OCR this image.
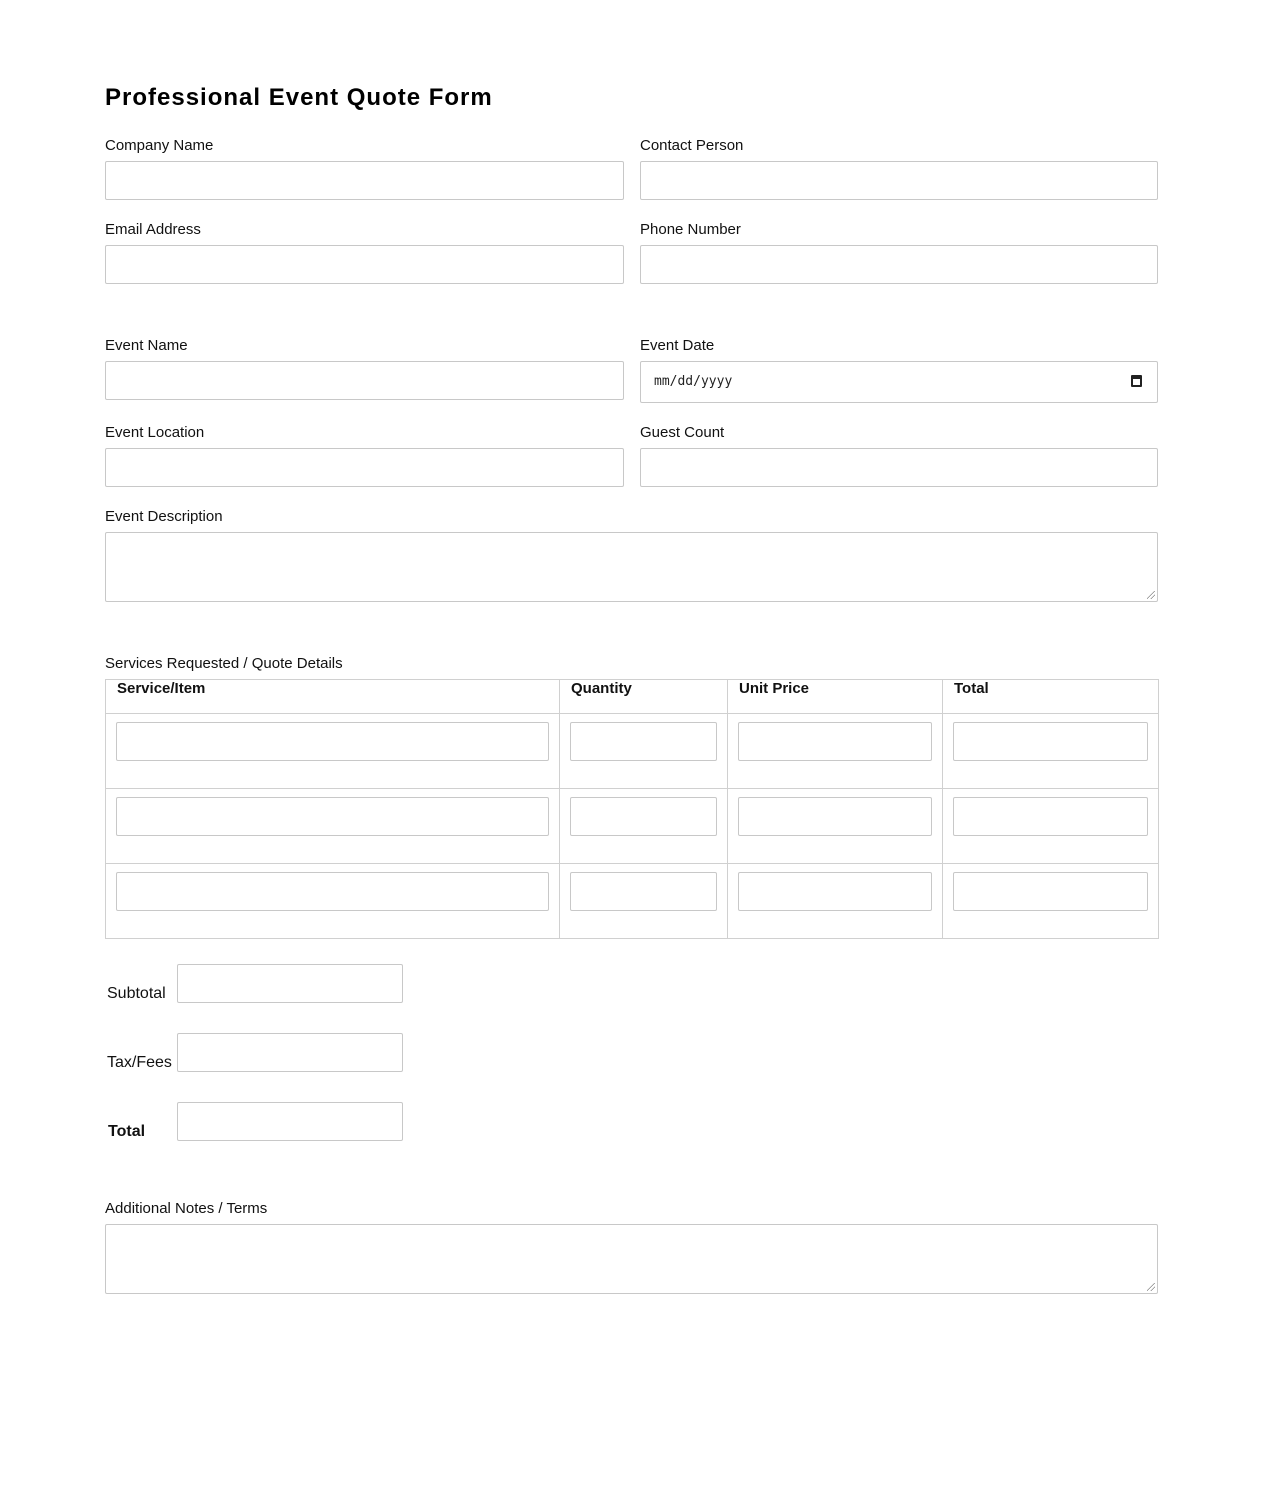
Professional Event Quote Form
Company Name	Contact Person
Email Address	Phone Number
Event Name	Event Date
mm/dd/yyyy
Event Location	Guest Count
Event Description
Services Requested / Quote Details
Service/Item	Quantity	Unit Price	Total

Subtotal
Tax/Fees
Total
Additional Notes / Terms
